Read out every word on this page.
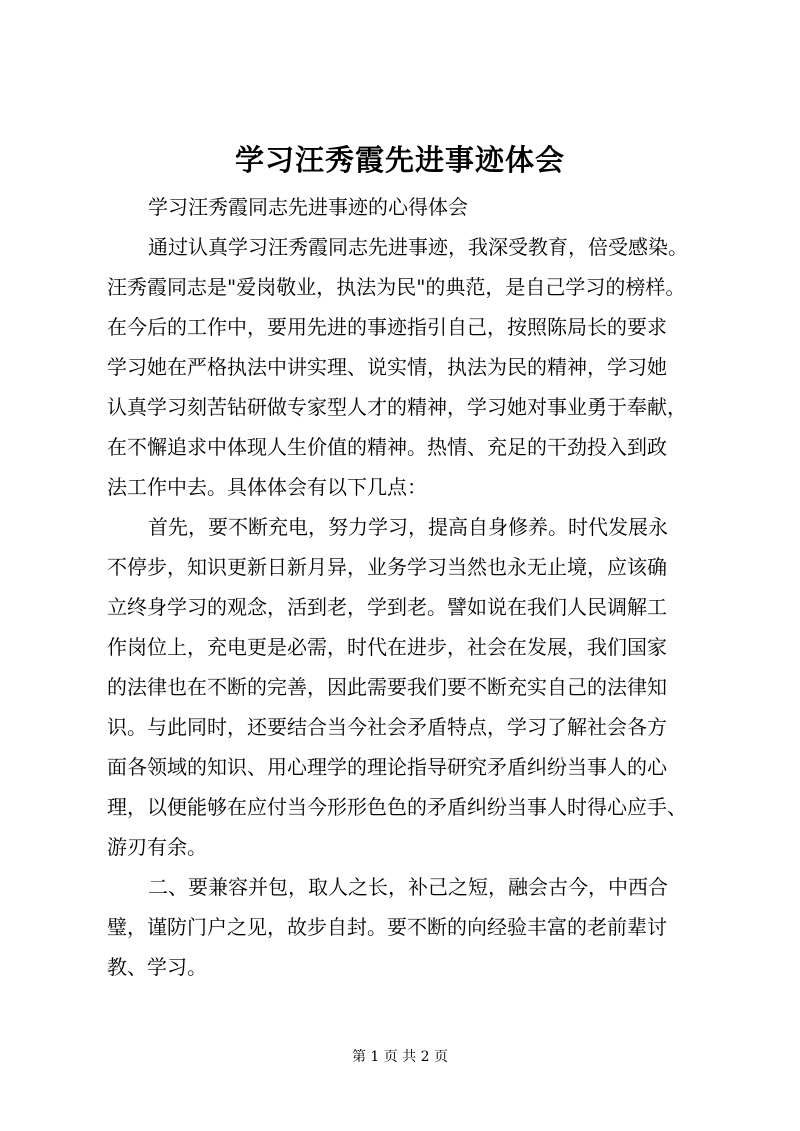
学习汪秀霞先进事迹体会
学习汪秀霞同志先进事迹的心得体会
通过认真学习汪秀霞同志先进事迹，我深受教育，倍受感染。
汪秀霞同志是"爱岗敬业，执法为民"的典范，是自己学习的榜样。
在今后的工作中，要用先进的事迹指引自己，按照陈局长的要求
学习她在严格执法中讲实理、说实情，执法为民的精神，学习她
认真学习刻苦钻研做专家型人才的精神，学习她对事业勇于奉献，
在不懈追求中体现人生价值的精神。热情、充足的干劲投入到政
法工作中去。具体体会有以下几点：
首先，要不断充电，努力学习，提高自身修养。时代发展永
不停步，知识更新日新月异，业务学习当然也永无止境，应该确
立终身学习的观念，活到老，学到老。譬如说在我们人民调解工
作岗位上，充电更是必需，时代在进步，社会在发展，我们国家
的法律也在不断的完善，因此需要我们要不断充实自己的法律知
识。与此同时，还要结合当今社会矛盾特点，学习了解社会各方
面各领域的知识、用心理学的理论指导研究矛盾纠纷当事人的心
理，以便能够在应付当今形形色色的矛盾纠纷当事人时得心应手、
游刃有余。
二、要兼容并包，取人之长，补己之短，融会古今，中西合
璧，谨防门户之见，故步自封。要不断的向经验丰富的老前辈讨
教、学习。
第 1 页 共 2 页
